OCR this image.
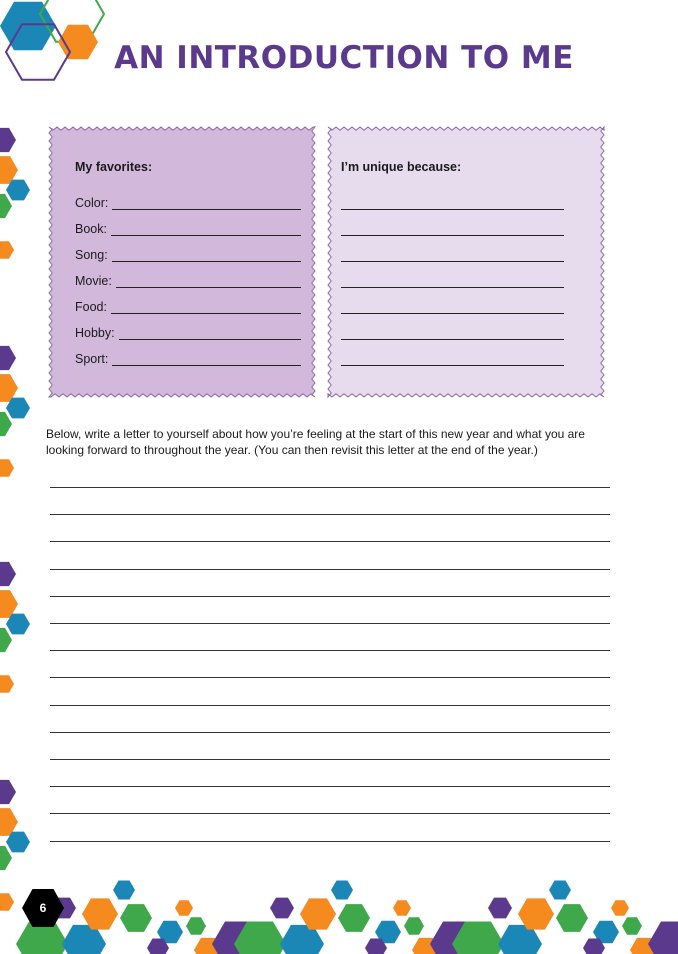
AN INTRODUCTION TO ME
My favorites:
Color:
Book:
Song:
Movie:
Food:
Hobby:
Sport:
I’m unique because:
Below, write a letter to yourself about how you’re feeling at the start of this new year and what you are looking forward to throughout the year. (You can then revisit this letter at the end of the year.)
6
